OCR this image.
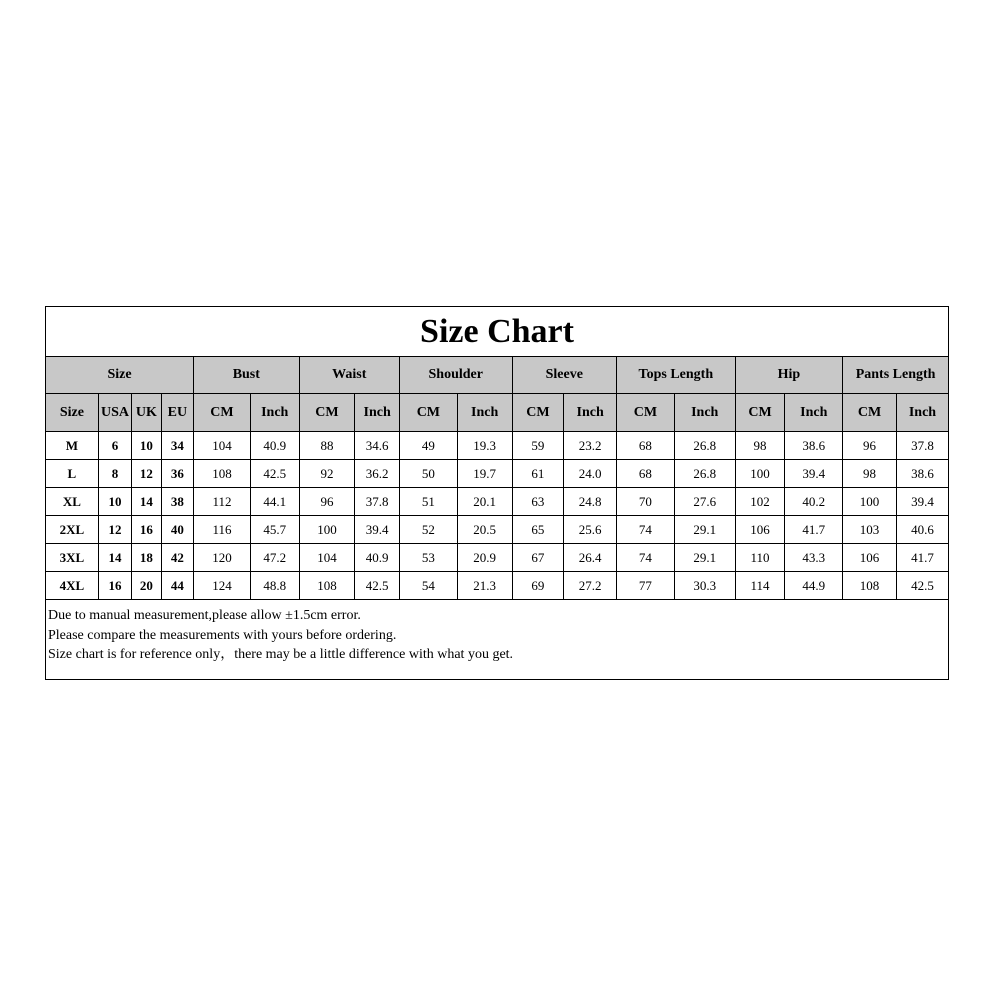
Size Chart																	
Size				Bust		Waist		Shoulder		Sleeve		Tops Length		Hip		Pants Length	
Size	USA	UK	EU	CM	Inch	CM	Inch	CM	Inch	CM	Inch	CM	Inch	CM	Inch	CM	Inch
M	6	10	34	104	40.9	88	34.6	49	19.3	59	23.2	68	26.8	98	38.6	96	37.8
L	8	12	36	108	42.5	92	36.2	50	19.7	61	24.0	68	26.8	100	39.4	98	38.6
XL	10	14	38	112	44.1	96	37.8	51	20.1	63	24.8	70	27.6	102	40.2	100	39.4
2XL	12	16	40	116	45.7	100	39.4	52	20.5	65	25.6	74	29.1	106	41.7	103	40.6
3XL	14	18	42	120	47.2	104	40.9	53	20.9	67	26.4	74	29.1	110	43.3	106	41.7
4XL	16	20	44	124	48.8	108	42.5	54	21.3	69	27.2	77	30.3	114	44.9	108	42.5

Due to manual measurement,please allow ±1.5cm error.
Please compare the measurements with yours before ordering.
Size chart is for reference only，there may be a little difference with what you get.																	
